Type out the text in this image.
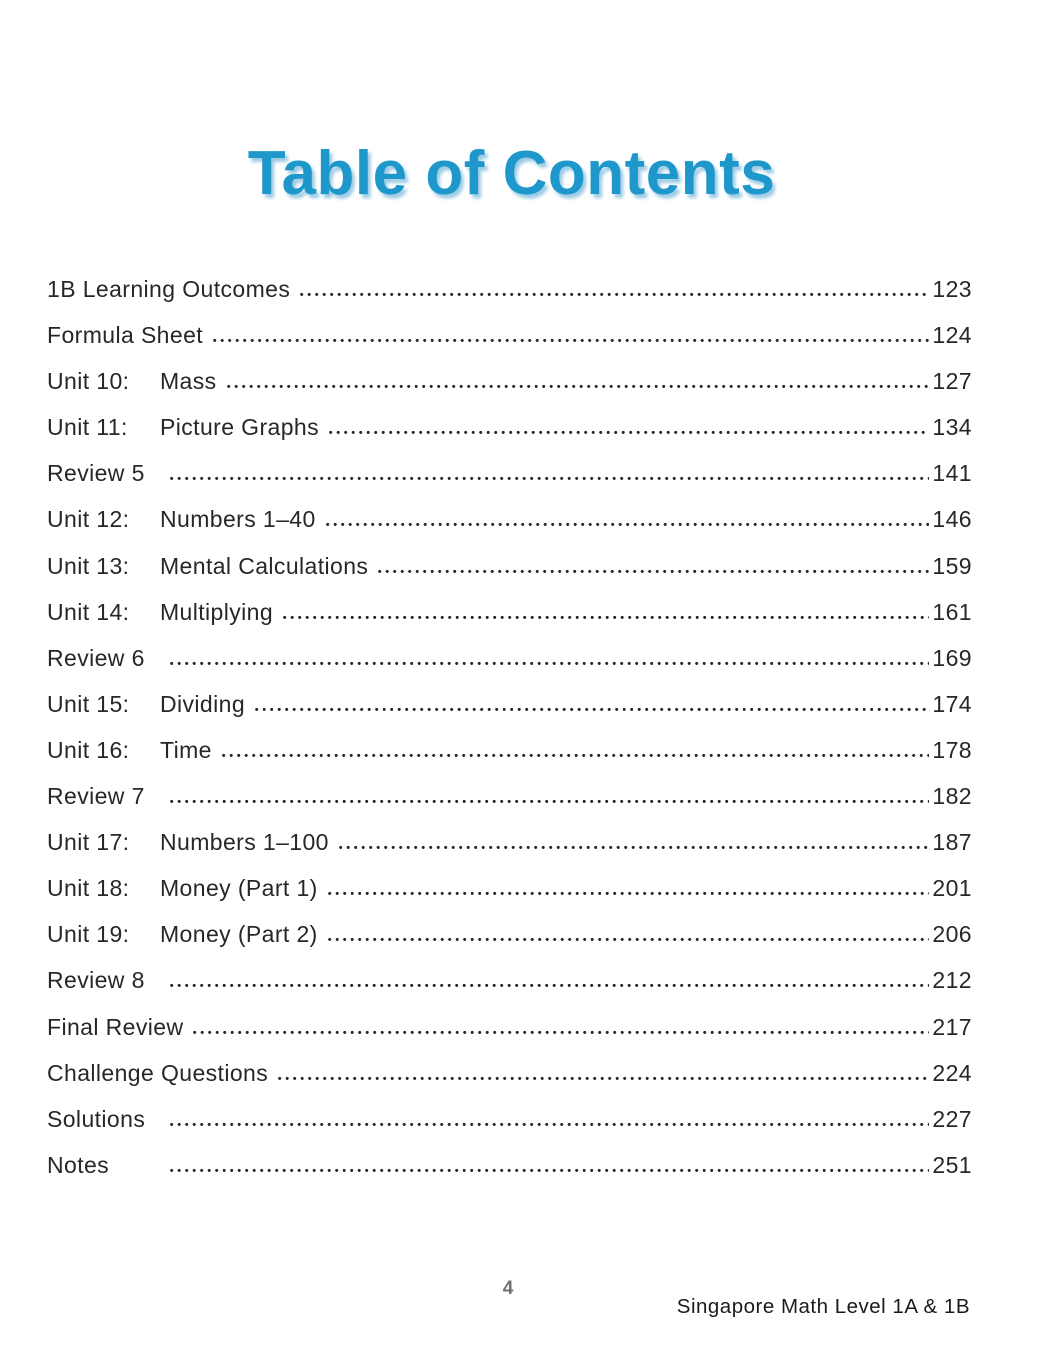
Table of Contents
1B Learning Outcomes	123
Formula Sheet	124
Unit 10:	Mass	127
Unit 11:	Picture Graphs	134
Review 5	141
Unit 12:	Numbers 1–40	146
Unit 13:	Mental Calculations	159
Unit 14:	Multiplying	161
Review 6	169
Unit 15:	Dividing	174
Unit 16:	Time	178
Review 7	182
Unit 17:	Numbers 1–100	187
Unit 18:	Money (Part 1)	201
Unit 19:	Money (Part 2)	206
Review 8	212
Final Review	217
Challenge Questions	224
Solutions	227
Notes	251
4
Singapore Math Level 1A & 1B
